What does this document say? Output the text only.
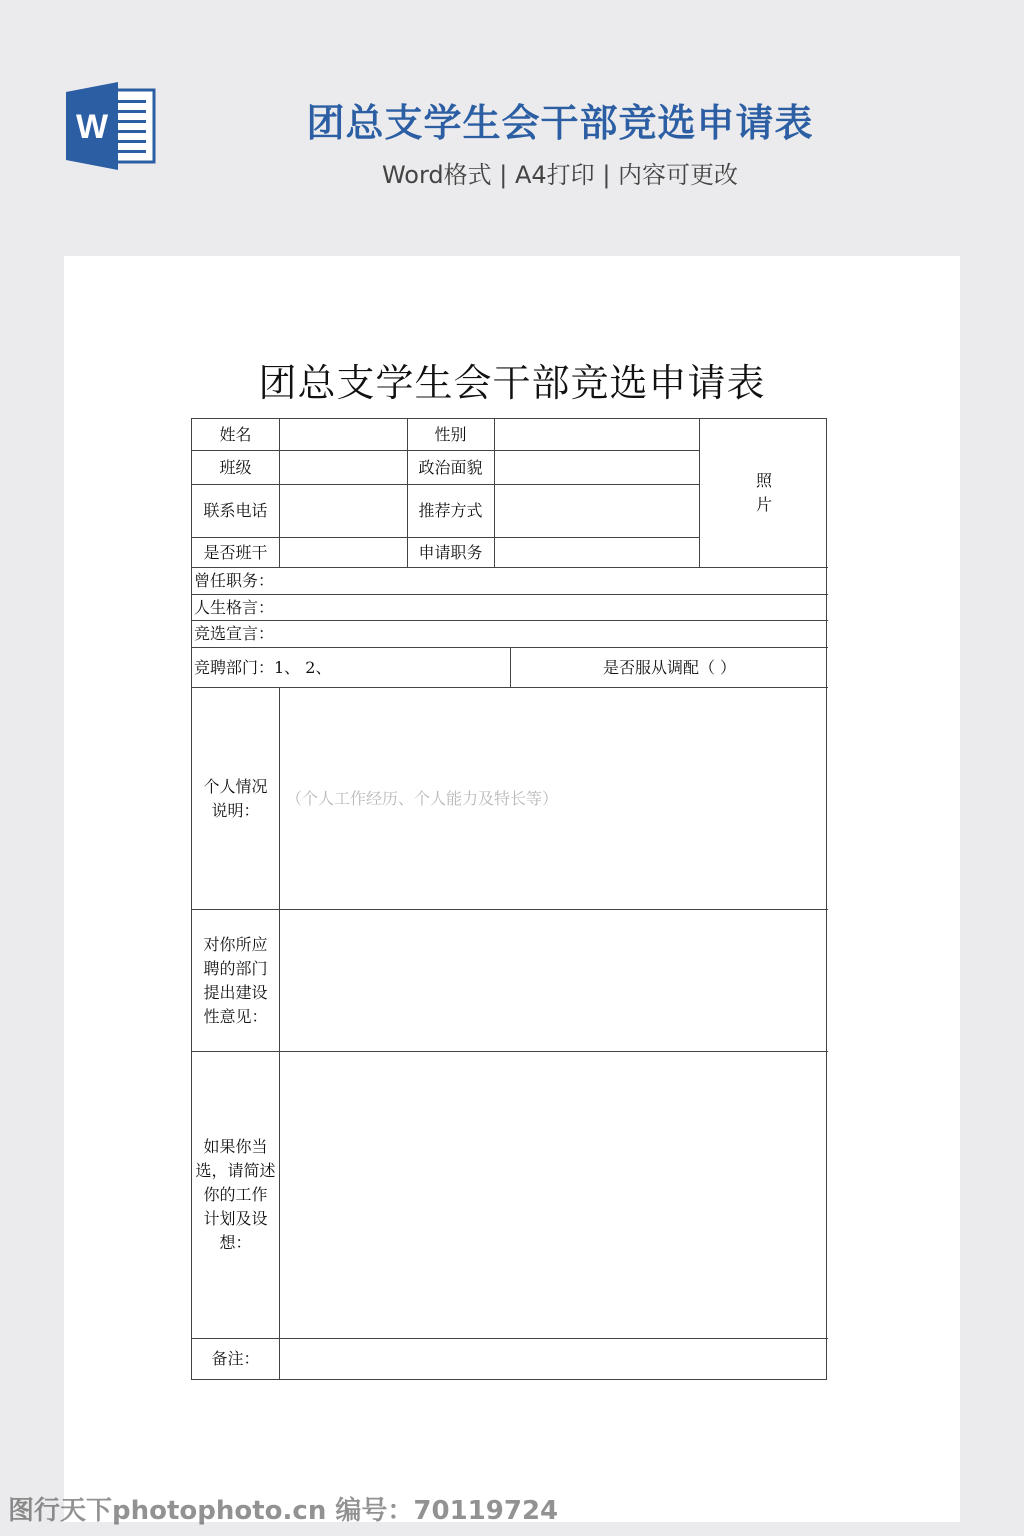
W	团总支学生会干部竞选申请表
Word格式 | A4打印 | 内容可更改
团总支学生会干部竞选申请表
姓名	性别
班级	政治面貌
联系电话	推荐方式
是否班干	申请职务
照
片
曾任职务：
人生格言：
竞选宣言：
竞聘部门：1、 2、	是否服从调配（ ）
个人情况
说明：
（个人工作经历、个人能力及特长等）
对你所应
聘的部门
提出建设
性意见：
如果你当
选，请简述
你的工作
计划及设
想：
备注：
图行天下photophoto.cn 编号：70119724
